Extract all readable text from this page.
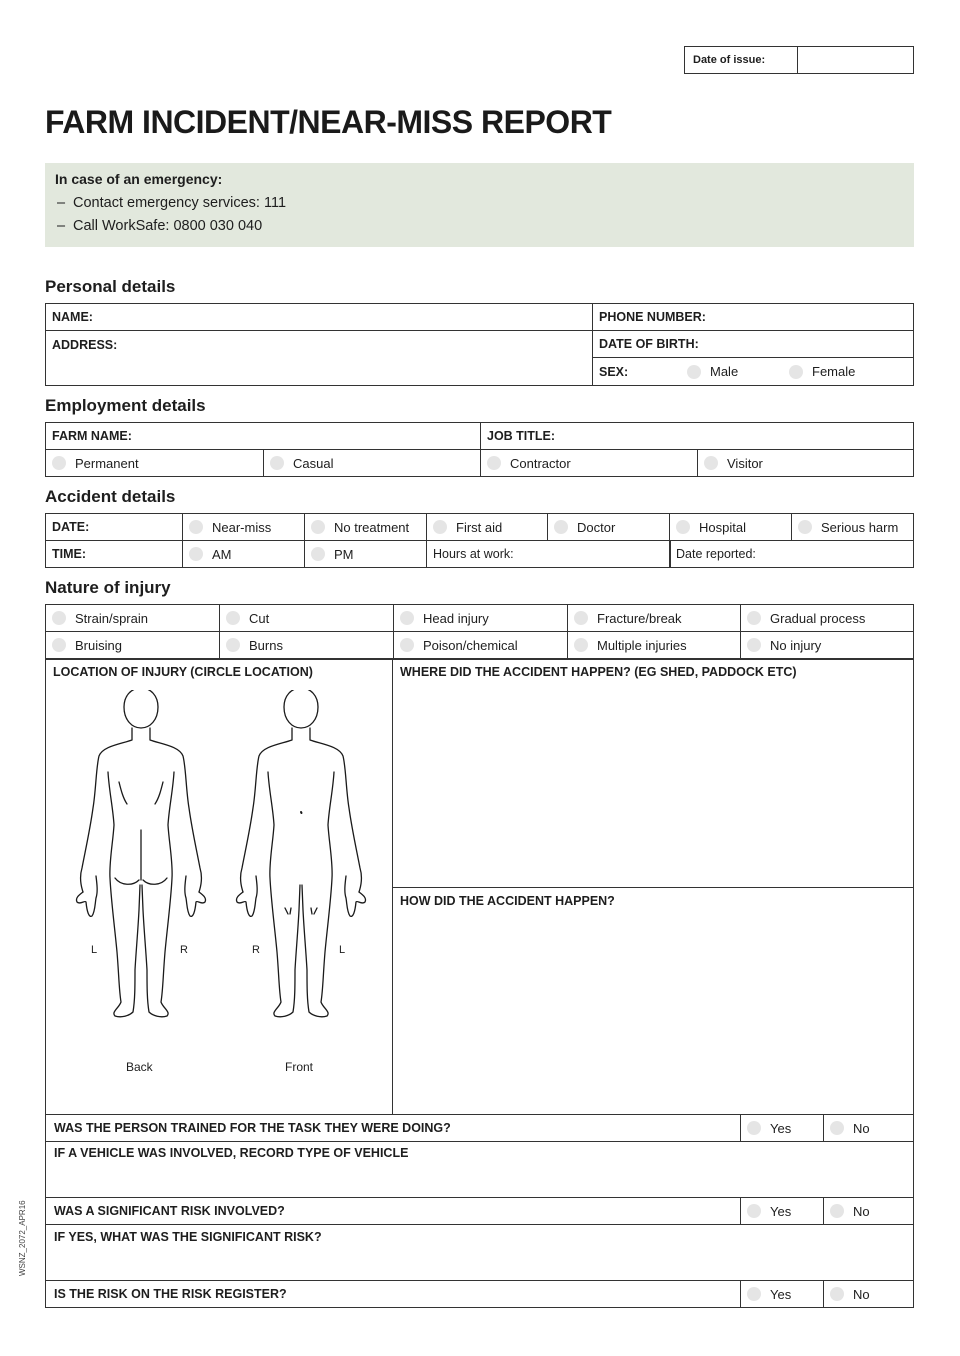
Date of issue:
FARM INCIDENT/NEAR-MISS REPORT
In case of an emergency:
– Contact emergency services: 111
– Call WorkSafe: 0800 030 040
Personal details
NAME:	PHONE NUMBER:
ADDRESS:	DATE OF BIRTH:
SEX:	Male	Female
Employment details
FARM NAME:	JOB TITLE:
Permanent	Casual	Contractor	Visitor
Accident details
DATE:	Near-miss	No treatment	First aid	Doctor	Hospital	Serious harm
TIME:	AM	PM	Hours at work:	Date reported:
Nature of injury
Strain/sprain	Cut	Head injury	Fracture/break	Gradual process
Bruising	Burns	Poison/chemical	Multiple injuries	No injury
LOCATION OF INJURY (CIRCLE LOCATION)
L	R	R	L
Back	Front
WHERE DID THE ACCIDENT HAPPEN? (EG SHED, PADDOCK ETC)
HOW DID THE ACCIDENT HAPPEN?
WAS THE PERSON TRAINED FOR THE TASK THEY WERE DOING?	Yes	No
IF A VEHICLE WAS INVOLVED, RECORD TYPE OF VEHICLE
WAS A SIGNIFICANT RISK INVOLVED?	Yes	No
IF YES, WHAT WAS THE SIGNIFICANT RISK?
IS THE RISK ON THE RISK REGISTER?	Yes	No
WSNZ_2072_APR16
